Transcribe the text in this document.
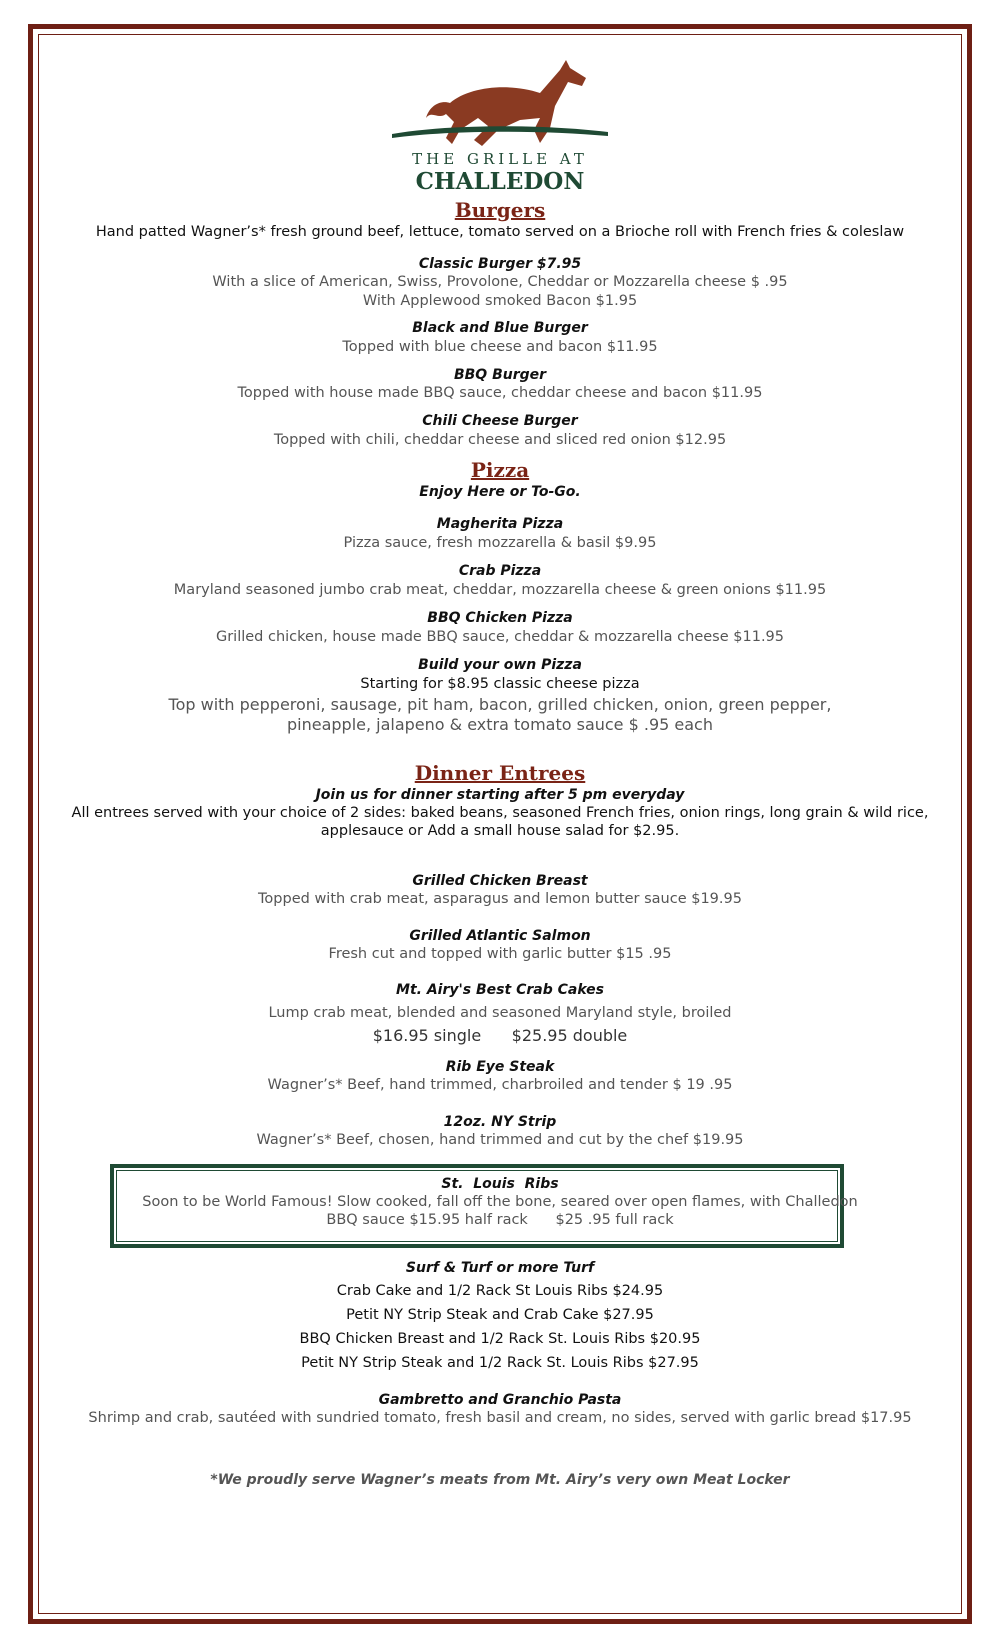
THE GRILLE AT
CHALLEDON
Burgers
Hand patted Wagner’s* fresh ground beef, lettuce, tomato served on a Brioche roll with French fries & coleslaw
Classic Burger $7.95
With a slice of American, Swiss, Provolone, Cheddar or Mozzarella cheese $ .95
With Applewood smoked Bacon $1.95
Black and Blue Burger
Topped with blue cheese and bacon $11.95
BBQ Burger
Topped with house made BBQ sauce, cheddar cheese and bacon $11.95
Chili Cheese Burger
Topped with chili, cheddar cheese and sliced red onion $12.95
Pizza
Enjoy Here or To-Go.
Magherita Pizza
Pizza sauce, fresh mozzarella & basil $9.95
Crab Pizza
Maryland seasoned jumbo crab meat, cheddar, mozzarella cheese & green onions $11.95
BBQ Chicken Pizza
Grilled chicken, house made BBQ sauce, cheddar & mozzarella cheese $11.95
Build your own Pizza
Starting for $8.95 classic cheese pizza
Top with pepperoni, sausage, pit ham, bacon, grilled chicken, onion, green pepper,
pineapple, jalapeno & extra tomato sauce $ .95 each
Dinner Entrees
Join us for dinner starting after 5 pm everyday
All entrees served with your choice of 2 sides: baked beans, seasoned French fries, onion rings, long grain & wild rice,
applesauce or Add a small house salad for $2.95.
Grilled Chicken Breast
Topped with crab meat, asparagus and lemon butter sauce $19.95
Grilled Atlantic Salmon
Fresh cut and topped with garlic butter $15 .95
Mt. Airy's Best Crab Cakes
Lump crab meat, blended and seasoned Maryland style, broiled
$16.95 single      $25.95 double
Rib Eye Steak
Wagner’s* Beef, hand trimmed, charbroiled and tender $ 19 .95
12oz. NY Strip
Wagner’s* Beef, chosen, hand trimmed and cut by the chef $19.95
St.  Louis  Ribs
Soon to be World Famous! Slow cooked, fall off the bone, seared over open flames, with Challedon
BBQ sauce $15.95 half rack      $25 .95 full rack
Surf & Turf or more Turf
Crab Cake and 1/2 Rack St Louis Ribs $24.95
Petit NY Strip Steak and Crab Cake $27.95
BBQ Chicken Breast and 1/2 Rack St. Louis Ribs $20.95
Petit NY Strip Steak and 1/2 Rack St. Louis Ribs $27.95
Gambretto and Granchio Pasta
Shrimp and crab, sautéed with sundried tomato, fresh basil and cream, no sides, served with garlic bread $17.95
*We proudly serve Wagner’s meats from Mt. Airy’s very own Meat Locker
